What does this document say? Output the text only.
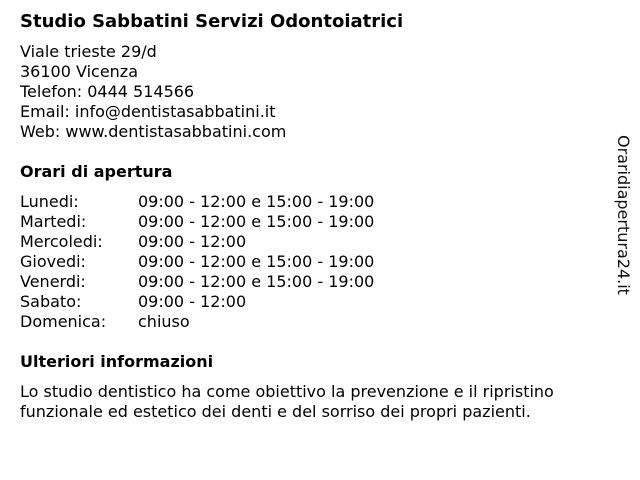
Studio Sabbatini Servizi Odontoiatrici
Viale trieste 29/d
36100 Vicenza
Telefon: 0444 514566
Email: info@dentistasabbatini.it
Web: www.dentistasabbatini.com
Orari di apertura
Lunedi:	09:00 - 12:00 e 15:00 - 19:00
Martedi:	09:00 - 12:00 e 15:00 - 19:00
Mercoledi:	09:00 - 12:00
Giovedi:	09:00 - 12:00 e 15:00 - 19:00
Venerdi:	09:00 - 12:00 e 15:00 - 19:00
Sabato:	09:00 - 12:00
Domenica:	chiuso
Ulteriori informazioni
Lo studio dentistico ha come obiettivo la prevenzione e il ripristino funzionale ed estetico dei denti e del sorriso dei propri pazienti.
Oraridiapertura24.it
